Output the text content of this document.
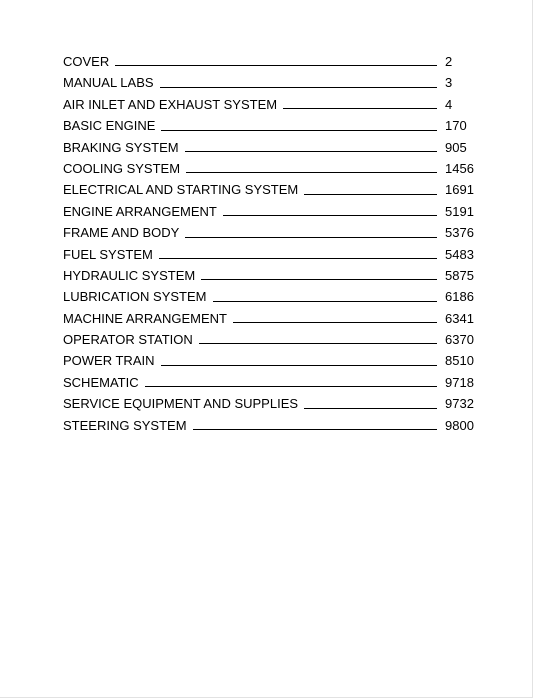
COVER	2
MANUAL LABS	3
AIR INLET AND EXHAUST SYSTEM	4
BASIC ENGINE	170
BRAKING SYSTEM	905
COOLING SYSTEM	1456
ELECTRICAL AND STARTING SYSTEM	1691
ENGINE ARRANGEMENT	5191
FRAME AND BODY	5376
FUEL SYSTEM	5483
HYDRAULIC SYSTEM	5875
LUBRICATION SYSTEM	6186
MACHINE ARRANGEMENT	6341
OPERATOR STATION	6370
POWER TRAIN	8510
SCHEMATIC	9718
SERVICE EQUIPMENT AND SUPPLIES	9732
STEERING SYSTEM	9800
